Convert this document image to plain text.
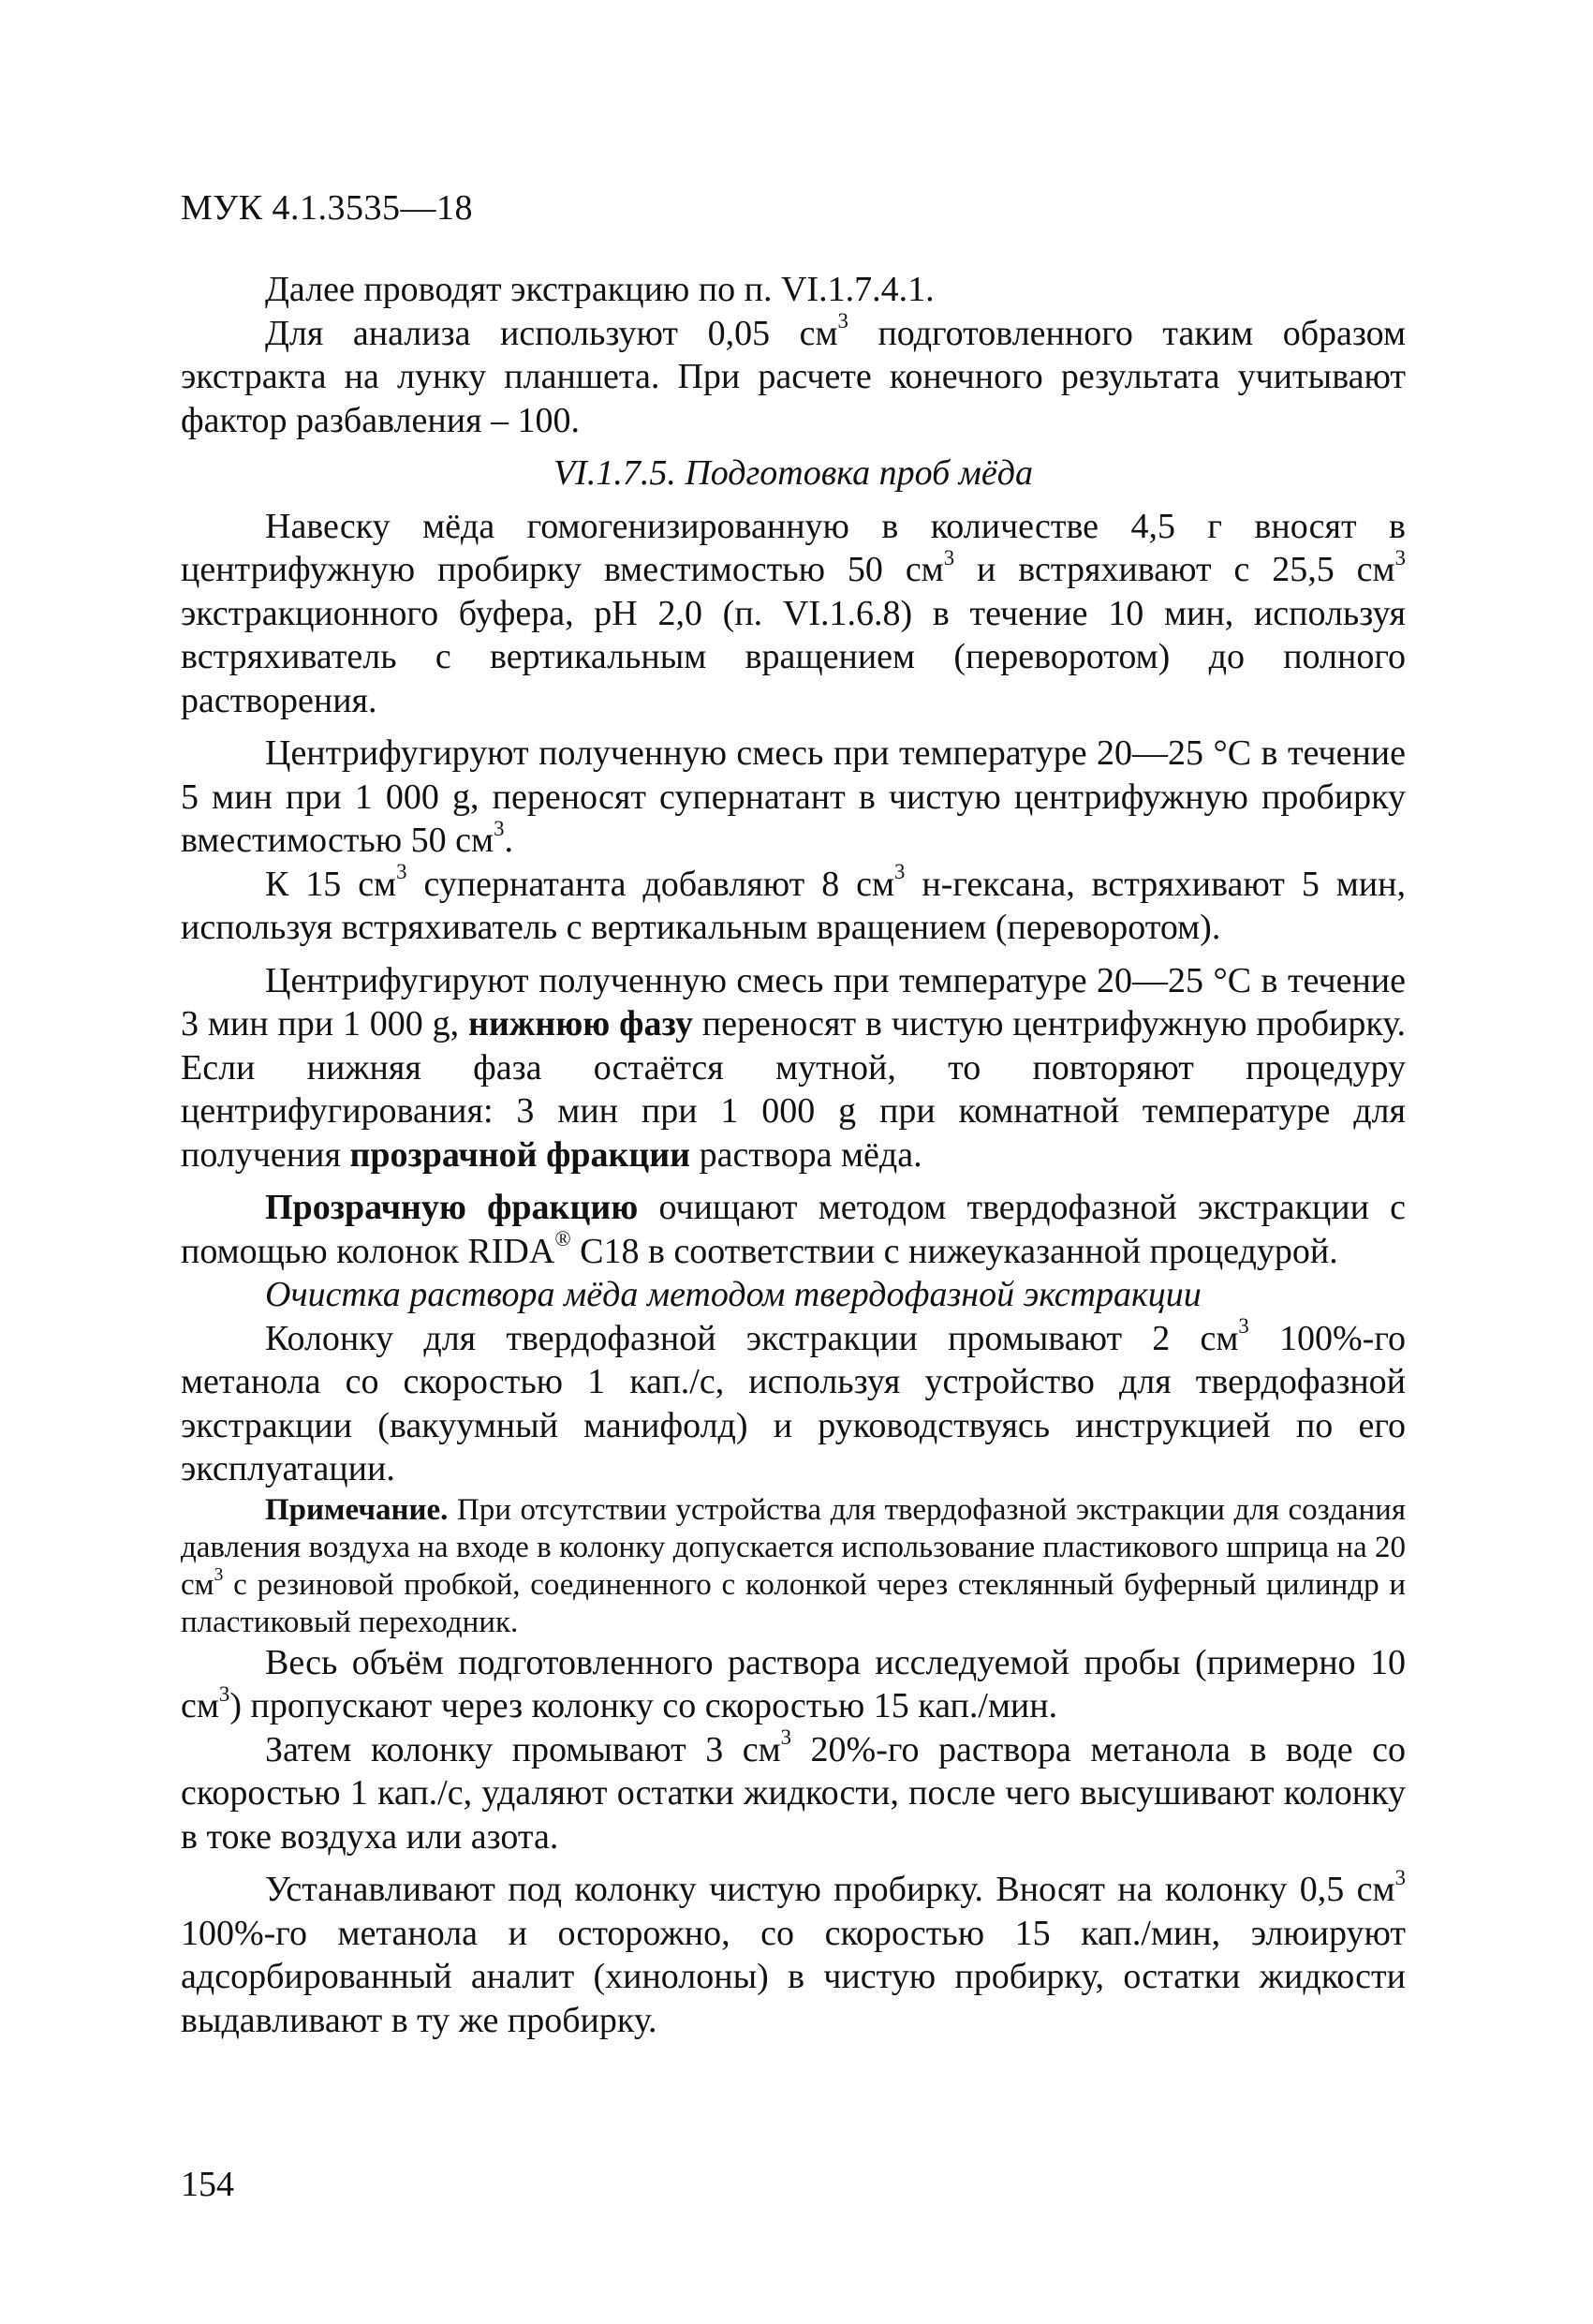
МУК 4.1.3535—18

Далее проводят экстракцию по п. VI.1.7.4.1.

Для анализа используют 0,05 $см^3$ подготовленного таким образом экстракта на лунку планшета. При расчете конечного результата учитывают фактор разбавления – 100.

VI.1.7.5. Подготовка проб мёда

Навеску мёда гомогенизированную в количестве 4,5 г вносят в центрифужную пробирку вместимостью 50 $см^3$ и встряхивают с 25,5 $см^3$ экстракционного буфера, pH 2,0 (п. VI.1.6.8) в течение 10 мин, используя встряхиватель с вертикальным вращением (переворотом) до полного растворения.

Центрифугируют полученную смесь при температуре 20—25 °С в течение 5 мин при 1 000 g, переносят супернатант в чистую центрифужную пробирку вместимостью 50 $см^3$.

К 15 $см^3$ супернатанта добавляют 8 $см^3$ н-гексана, встряхивают 5 мин, используя встряхиватель с вертикальным вращением (переворотом).

Центрифугируют полученную смесь при температуре 20—25 °С в течение 3 мин при 1 000 g, нижнюю фазу переносят в чистую центрифужную пробирку. Если нижняя фаза остаётся мутной, то повторяют процедуру центрифугирования: 3 мин при 1 000 g при комнатной температуре для получения прозрачной фракции раствора мёда.

Прозрачную фракцию очищают методом твердофазной экстракции с помощью колонок RIDA® C18 в соответствии с нижеуказанной процедурой.

Очистка раствора мёда методом твердофазной экстракции

Колонку для твердофазной экстракции промывают 2 $см^3$ 100%-го метанола со скоростью 1 кап./с, используя устройство для твердофазной экстракции (вакуумный манифолд) и руководствуясь инструкцией по его эксплуатации.

Примечание. При отсутствии устройства для твердофазной экстракции для создания давления воздуха на входе в колонку допускается использование пластикового шприца на 20 $см^3$ с резиновой пробкой, соединенного с колонкой через стеклянный буферный цилиндр и пластиковый переходник.

Весь объём подготовленного раствора исследуемой пробы (примерно 10 $см^3$) пропускают через колонку со скоростью 15 кап./мин.

Затем колонку промывают 3 $см^3$ 20%-го раствора метанола в воде со скоростью 1 кап./с, удаляют остатки жидкости, после чего высушивают колонку в токе воздуха или азота.

Устанавливают под колонку чистую пробирку. Вносят на колонку 0,5 $см^3$ 100%-го метанола и осторожно, со скоростью 15 кап./мин, элюируют адсорбированный аналит (хинолоны) в чистую пробирку, остатки жидкости выдавливают в ту же пробирку.

154
